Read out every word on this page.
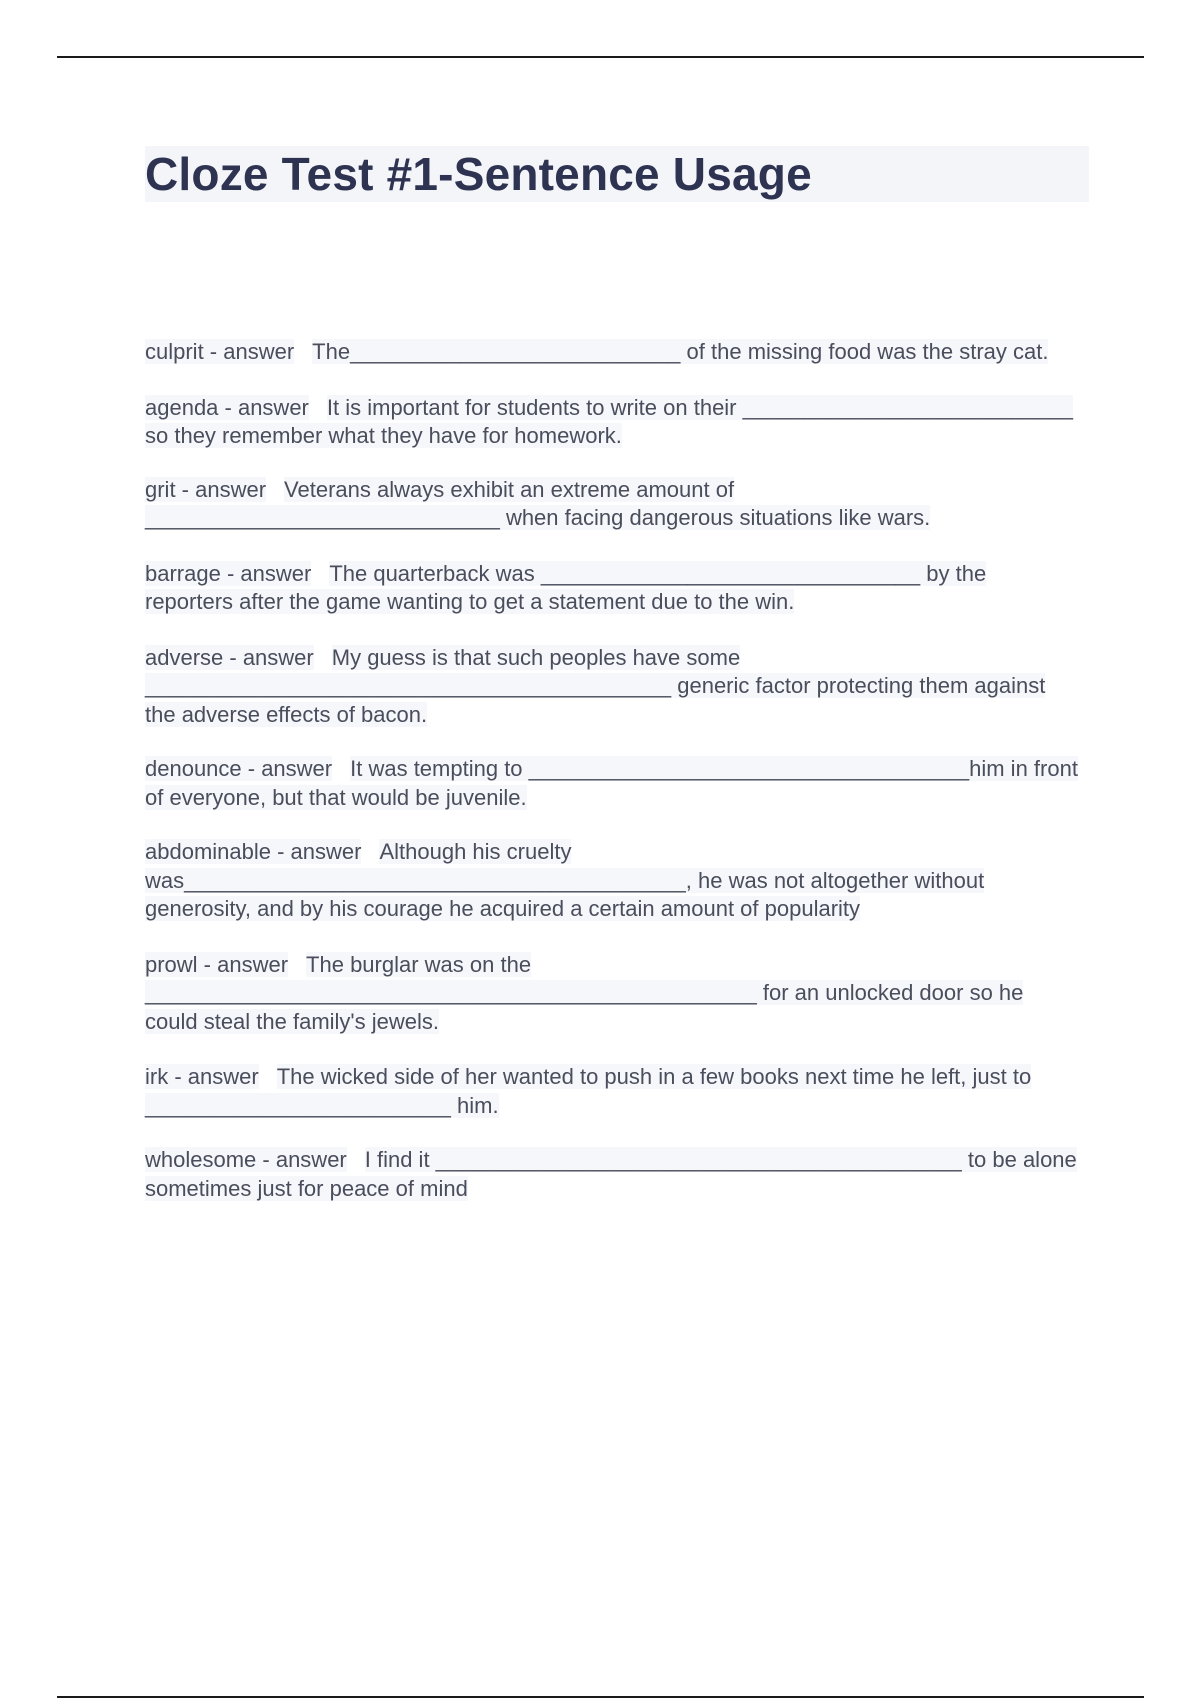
Cloze Test #1-Sentence Usage

culprit - answer The___________________________ of the missing food was the stray cat.

agenda - answer It is important for students to write on their ___________________________ so they remember what they have for homework.

grit - answer Veterans always exhibit an extreme amount of _____________________________ when facing dangerous situations like wars.

barrage - answer The quarterback was _______________________________ by the reporters after the game wanting to get a statement due to the win.

adverse - answer My guess is that such peoples have some ___________________________________________ generic factor protecting them against the adverse effects of bacon.

denounce - answer It was tempting to ____________________________________him in front of everyone, but that would be juvenile.

abdominable - answer Although his cruelty was_________________________________________, he was not altogether without generosity, and by his courage he acquired a certain amount of popularity

prowl - answer The burglar was on the __________________________________________________ for an unlocked door so he could steal the family's jewels.

irk - answer The wicked side of her wanted to push in a few books next time he left, just to _________________________ him.

wholesome - answer I find it ___________________________________________ to be alone sometimes just for peace of mind
